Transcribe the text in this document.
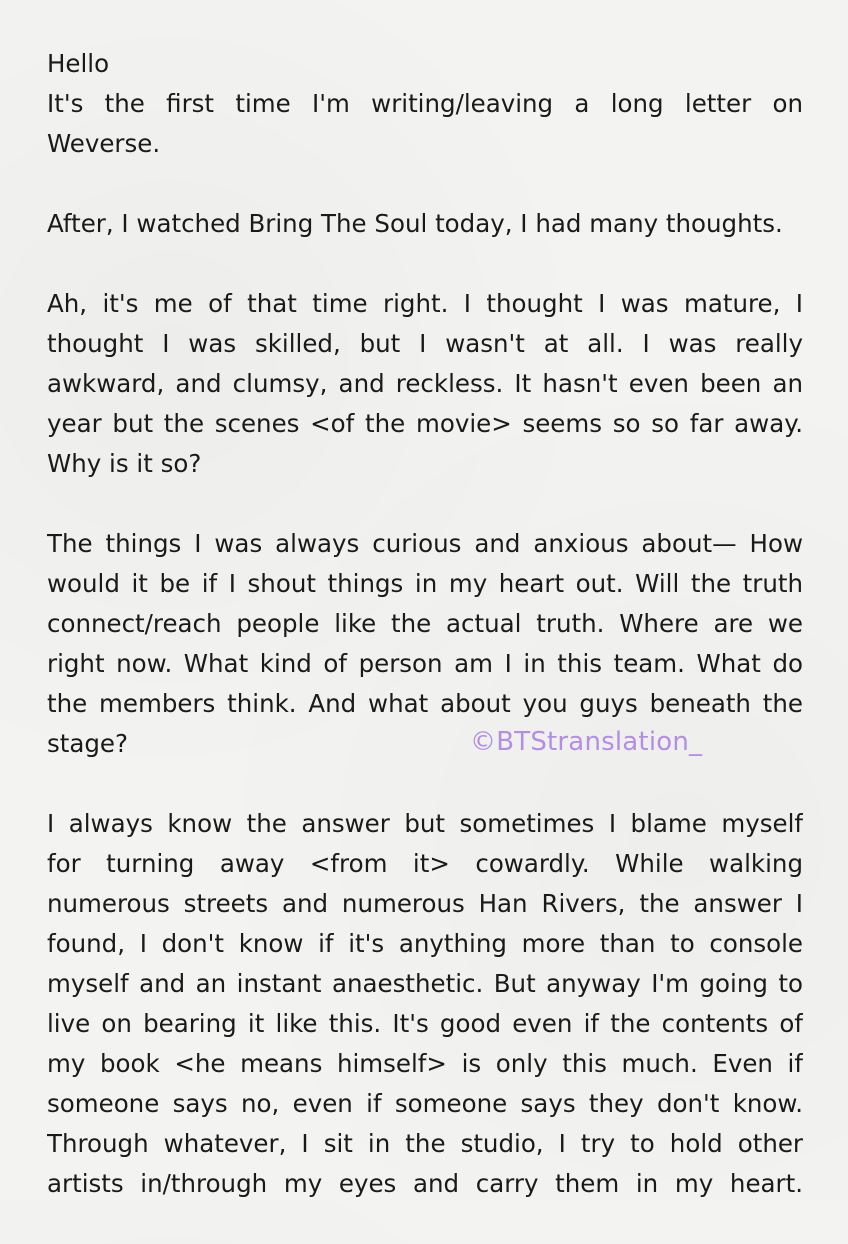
Hello
It's the first time I'm writing/leaving a long letter on
Weverse.
After, I watched Bring The Soul today, I had many thoughts.
Ah, it's me of that time right. I thought I was mature, I
thought I was skilled, but I wasn't at all. I was really
awkward, and clumsy, and reckless. It hasn't even been an
year but the scenes <of the movie> seems so so far away.
Why is it so?
The things I was always curious and anxious about— How
would it be if I shout things in my heart out. Will the truth
connect/reach people like the actual truth. Where are we
right now. What kind of person am I in this team. What do
the members think. And what about you guys beneath the
stage?
I always know the answer but sometimes I blame myself
for turning away <from it> cowardly. While walking
numerous streets and numerous Han Rivers, the answer I
found, I don't know if it's anything more than to console
myself and an instant anaesthetic. But anyway I'm going to
live on bearing it like this. It's good even if the contents of
my book <he means himself> is only this much. Even if
someone says no, even if someone says they don't know.
Through whatever, I sit in the studio, I try to hold other
artists in/through my eyes and carry them in my heart.
©BTStranslation_
